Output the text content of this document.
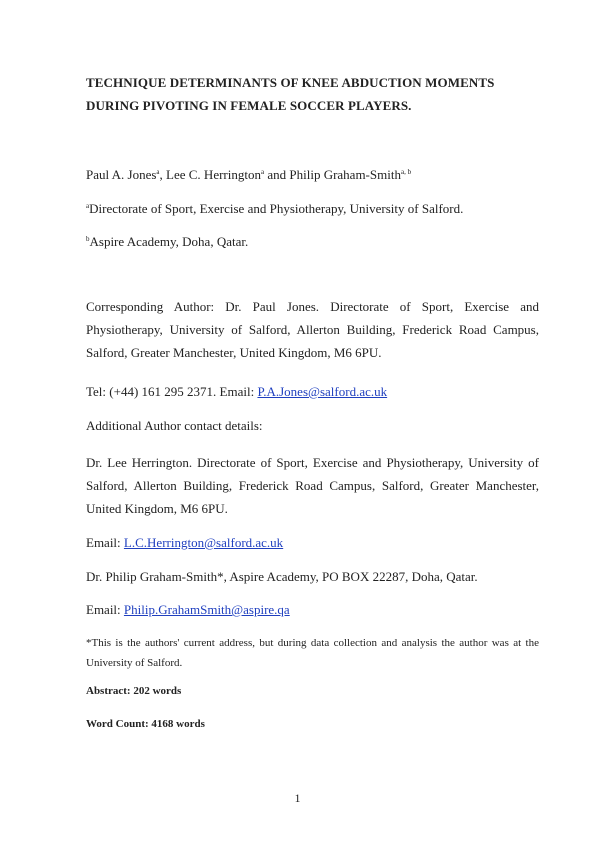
TECHNIQUE DETERMINANTS OF KNEE ABDUCTION MOMENTS
DURING PIVOTING IN FEMALE SOCCER PLAYERS.
Paul A. Jones$^a$, Lee C. Herrington$^a$ and Philip Graham-Smith$^{a, b}$
$^a$Directorate of Sport, Exercise and Physiotherapy, University of Salford.
$^b$Aspire Academy, Doha, Qatar.
Corresponding Author: Dr. Paul Jones. Directorate of Sport, Exercise and Physiotherapy, University of Salford, Allerton Building, Frederick Road Campus, Salford, Greater Manchester, United Kingdom, M6 6PU.
Tel: (+44) 161 295 2371. Email: P.A.Jones@salford.ac.uk
Additional Author contact details:
Dr. Lee Herrington. Directorate of Sport, Exercise and Physiotherapy, University of Salford, Allerton Building, Frederick Road Campus, Salford, Greater Manchester, United Kingdom, M6 6PU.
Email: L.C.Herrington@salford.ac.uk
Dr. Philip Graham-Smith*, Aspire Academy, PO BOX 22287, Doha, Qatar.
Email: Philip.GrahamSmith@aspire.qa
*This is the authors' current address, but during data collection and analysis the author was at the University of Salford.
Abstract: 202 words
Word Count: 4168 words
1
